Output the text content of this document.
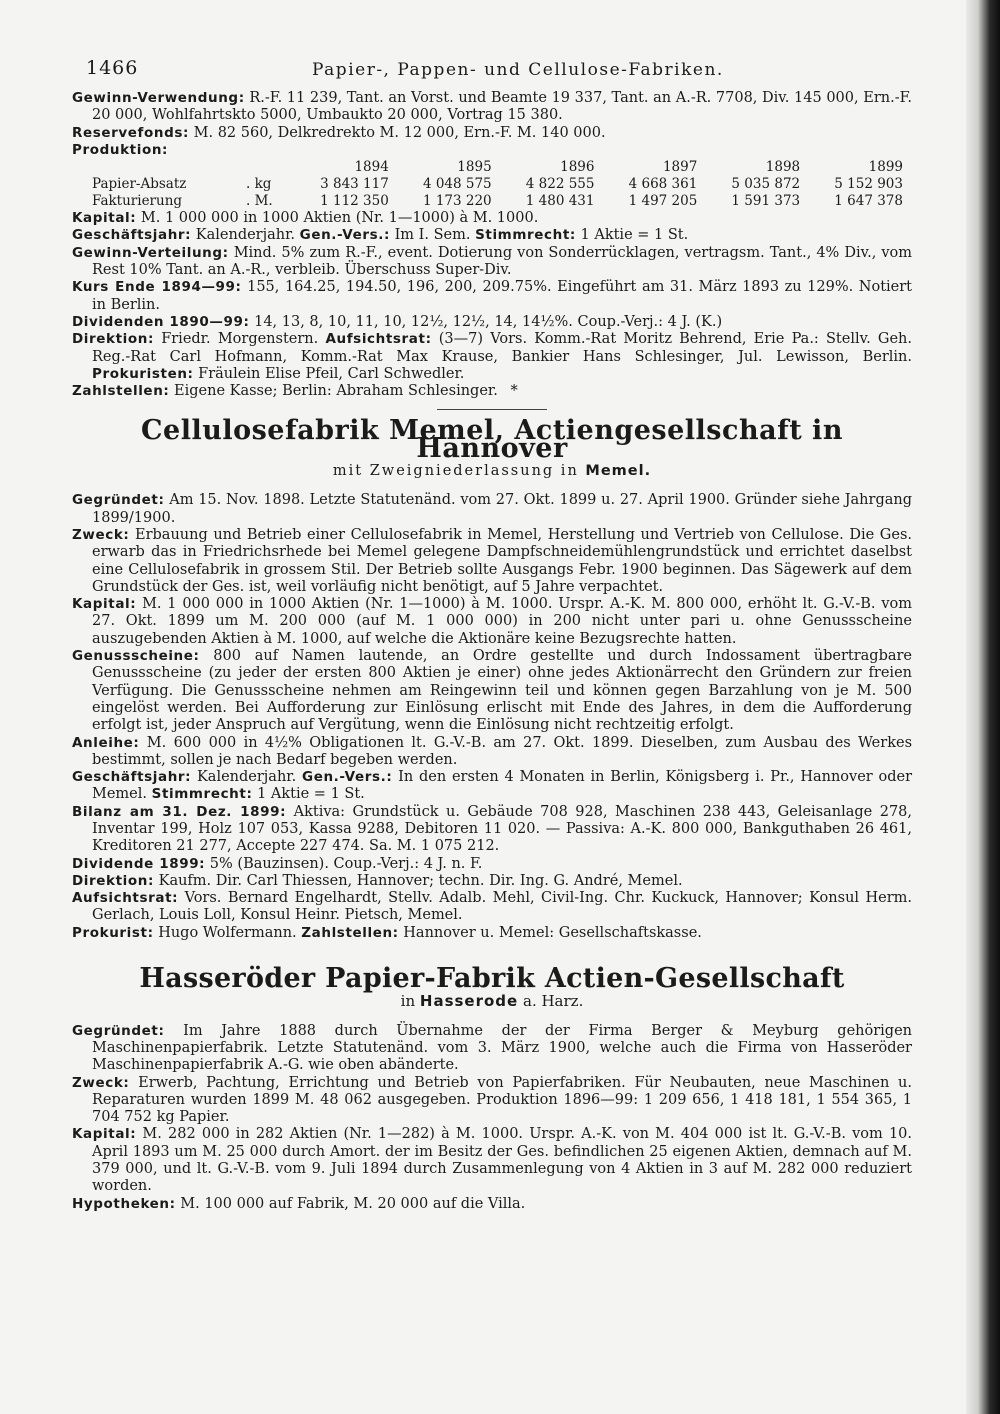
1466	Papier-, Pappen- und Cellulose-Fabriken.

Gewinn-Verwendung: R.-F. 11 239, Tant. an Vorst. und Beamte 19 337, Tant. an A.-R. 7708, Div. 145 000, Ern.-F. 20 000, Wohlfahrtskto 5000, Umbaukto 20 000, Vortrag 15 380.

Reservefonds: M. 82 560, Delkredrekto M. 12 000, Ern.-F. M. 140 000.

Produktion:

		1894	1895	1896	1897	1898	1899
Papier-Absatz	. kg	3 843 117	4 048 575	4 822 555	4 668 361	5 035 872	5 152 903
Fakturierung	. M.	1 112 350	1 173 220	1 480 431	1 497 205	1 591 373	1 647 378

Kapital: M. 1 000 000 in 1000 Aktien (Nr. 1—1000) à M. 1000.

Geschäftsjahr: Kalenderjahr. Gen.-Vers.: Im I. Sem. Stimmrecht: 1 Aktie = 1 St.

Gewinn-Verteilung: Mind. 5% zum R.-F., event. Dotierung von Sonderrücklagen, vertragsm. Tant., 4% Div., vom Rest 10% Tant. an A.-R., verbleib. Überschuss Super-Div.

Kurs Ende 1894—99: 155, 164.25, 194.50, 196, 200, 209.75%. Eingeführt am 31. März 1893 zu 129%. Notiert in Berlin.

Dividenden 1890—99: 14, 13, 8, 10, 11, 10, 12½, 12½, 14, 14½%. Coup.-Verj.: 4 J. (K.)

Direktion: Friedr. Morgenstern. Aufsichtsrat: (3—7) Vors. Komm.-Rat Moritz Behrend, Erie Pa.: Stellv. Geh. Reg.-Rat Carl Hofmann, Komm.-Rat Max Krause, Bankier Hans Schlesinger, Jul. Lewisson, Berlin. Prokuristen: Fräulein Elise Pfeil, Carl Schwedler.

Zahlstellen: Eigene Kasse; Berlin: Abraham Schlesinger. *

Cellulosefabrik Memel, Actiengesellschaft in Hannover
mit Zweigniederlassung in Memel.

Gegründet: Am 15. Nov. 1898. Letzte Statutenänd. vom 27. Okt. 1899 u. 27. April 1900. Gründer siehe Jahrgang 1899/1900.

Zweck: Erbauung und Betrieb einer Cellulosefabrik in Memel, Herstellung und Vertrieb von Cellulose. Die Ges. erwarb das in Friedrichsrhede bei Memel gelegene Dampfschneidemühlengrundstück und errichtet daselbst eine Cellulosefabrik in grossem Stil. Der Betrieb sollte Ausgangs Febr. 1900 beginnen. Das Sägewerk auf dem Grundstück der Ges. ist, weil vorläufig nicht benötigt, auf 5 Jahre verpachtet.

Kapital: M. 1 000 000 in 1000 Aktien (Nr. 1—1000) à M. 1000. Urspr. A.-K. M. 800 000, erhöht lt. G.-V.-B. vom 27. Okt. 1899 um M. 200 000 (auf M. 1 000 000) in 200 nicht unter pari u. ohne Genussscheine auszugebenden Aktien à M. 1000, auf welche die Aktionäre keine Bezugsrechte hatten.

Genussscheine: 800 auf Namen lautende, an Ordre gestellte und durch Indossament übertragbare Genussscheine (zu jeder der ersten 800 Aktien je einer) ohne jedes Aktionärrecht den Gründern zur freien Verfügung. Die Genussscheine nehmen am Reingewinn teil und können gegen Barzahlung von je M. 500 eingelöst werden. Bei Aufforderung zur Einlösung erlischt mit Ende des Jahres, in dem die Aufforderung erfolgt ist, jeder Anspruch auf Vergütung, wenn die Einlösung nicht rechtzeitig erfolgt.

Anleihe: M. 600 000 in 4½% Obligationen lt. G.-V.-B. am 27. Okt. 1899. Dieselben, zum Ausbau des Werkes bestimmt, sollen je nach Bedarf begeben werden.

Geschäftsjahr: Kalenderjahr. Gen.-Vers.: In den ersten 4 Monaten in Berlin, Königsberg i. Pr., Hannover oder Memel. Stimmrecht: 1 Aktie = 1 St.

Bilanz am 31. Dez. 1899: Aktiva: Grundstück u. Gebäude 708 928, Maschinen 238 443, Geleisanlage 278, Inventar 199, Holz 107 053, Kassa 9288, Debitoren 11 020. — Passiva: A.-K. 800 000, Bankguthaben 26 461, Kreditoren 21 277, Accepte 227 474. Sa. M. 1 075 212.

Dividende 1899: 5% (Bauzinsen). Coup.-Verj.: 4 J. n. F.

Direktion: Kaufm. Dir. Carl Thiessen, Hannover; techn. Dir. Ing. G. André, Memel.

Aufsichtsrat: Vors. Bernard Engelhardt, Stellv. Adalb. Mehl, Civil-Ing. Chr. Kuckuck, Hannover; Konsul Herm. Gerlach, Louis Loll, Konsul Heinr. Pietsch, Memel.

Prokurist: Hugo Wolfermann. Zahlstellen: Hannover u. Memel: Gesellschaftskasse.

Hasseröder Papier-Fabrik Actien-Gesellschaft
in Hasserode a. Harz.

Gegründet: Im Jahre 1888 durch Übernahme der der Firma Berger & Meyburg gehörigen Maschinenpapierfabrik. Letzte Statutenänd. vom 3. März 1900, welche auch die Firma von Hasseröder Maschinenpapierfabrik A.-G. wie oben abänderte.

Zweck: Erwerb, Pachtung, Errichtung und Betrieb von Papierfabriken. Für Neubauten, neue Maschinen u. Reparaturen wurden 1899 M. 48 062 ausgegeben. Produktion 1896—99: 1 209 656, 1 418 181, 1 554 365, 1 704 752 kg Papier.

Kapital: M. 282 000 in 282 Aktien (Nr. 1—282) à M. 1000. Urspr. A.-K. von M. 404 000 ist lt. G.-V.-B. vom 10. April 1893 um M. 25 000 durch Amort. der im Besitz der Ges. befindlichen 25 eigenen Aktien, demnach auf M. 379 000, und lt. G.-V.-B. vom 9. Juli 1894 durch Zusammenlegung von 4 Aktien in 3 auf M. 282 000 reduziert worden.

Hypotheken: M. 100 000 auf Fabrik, M. 20 000 auf die Villa.
